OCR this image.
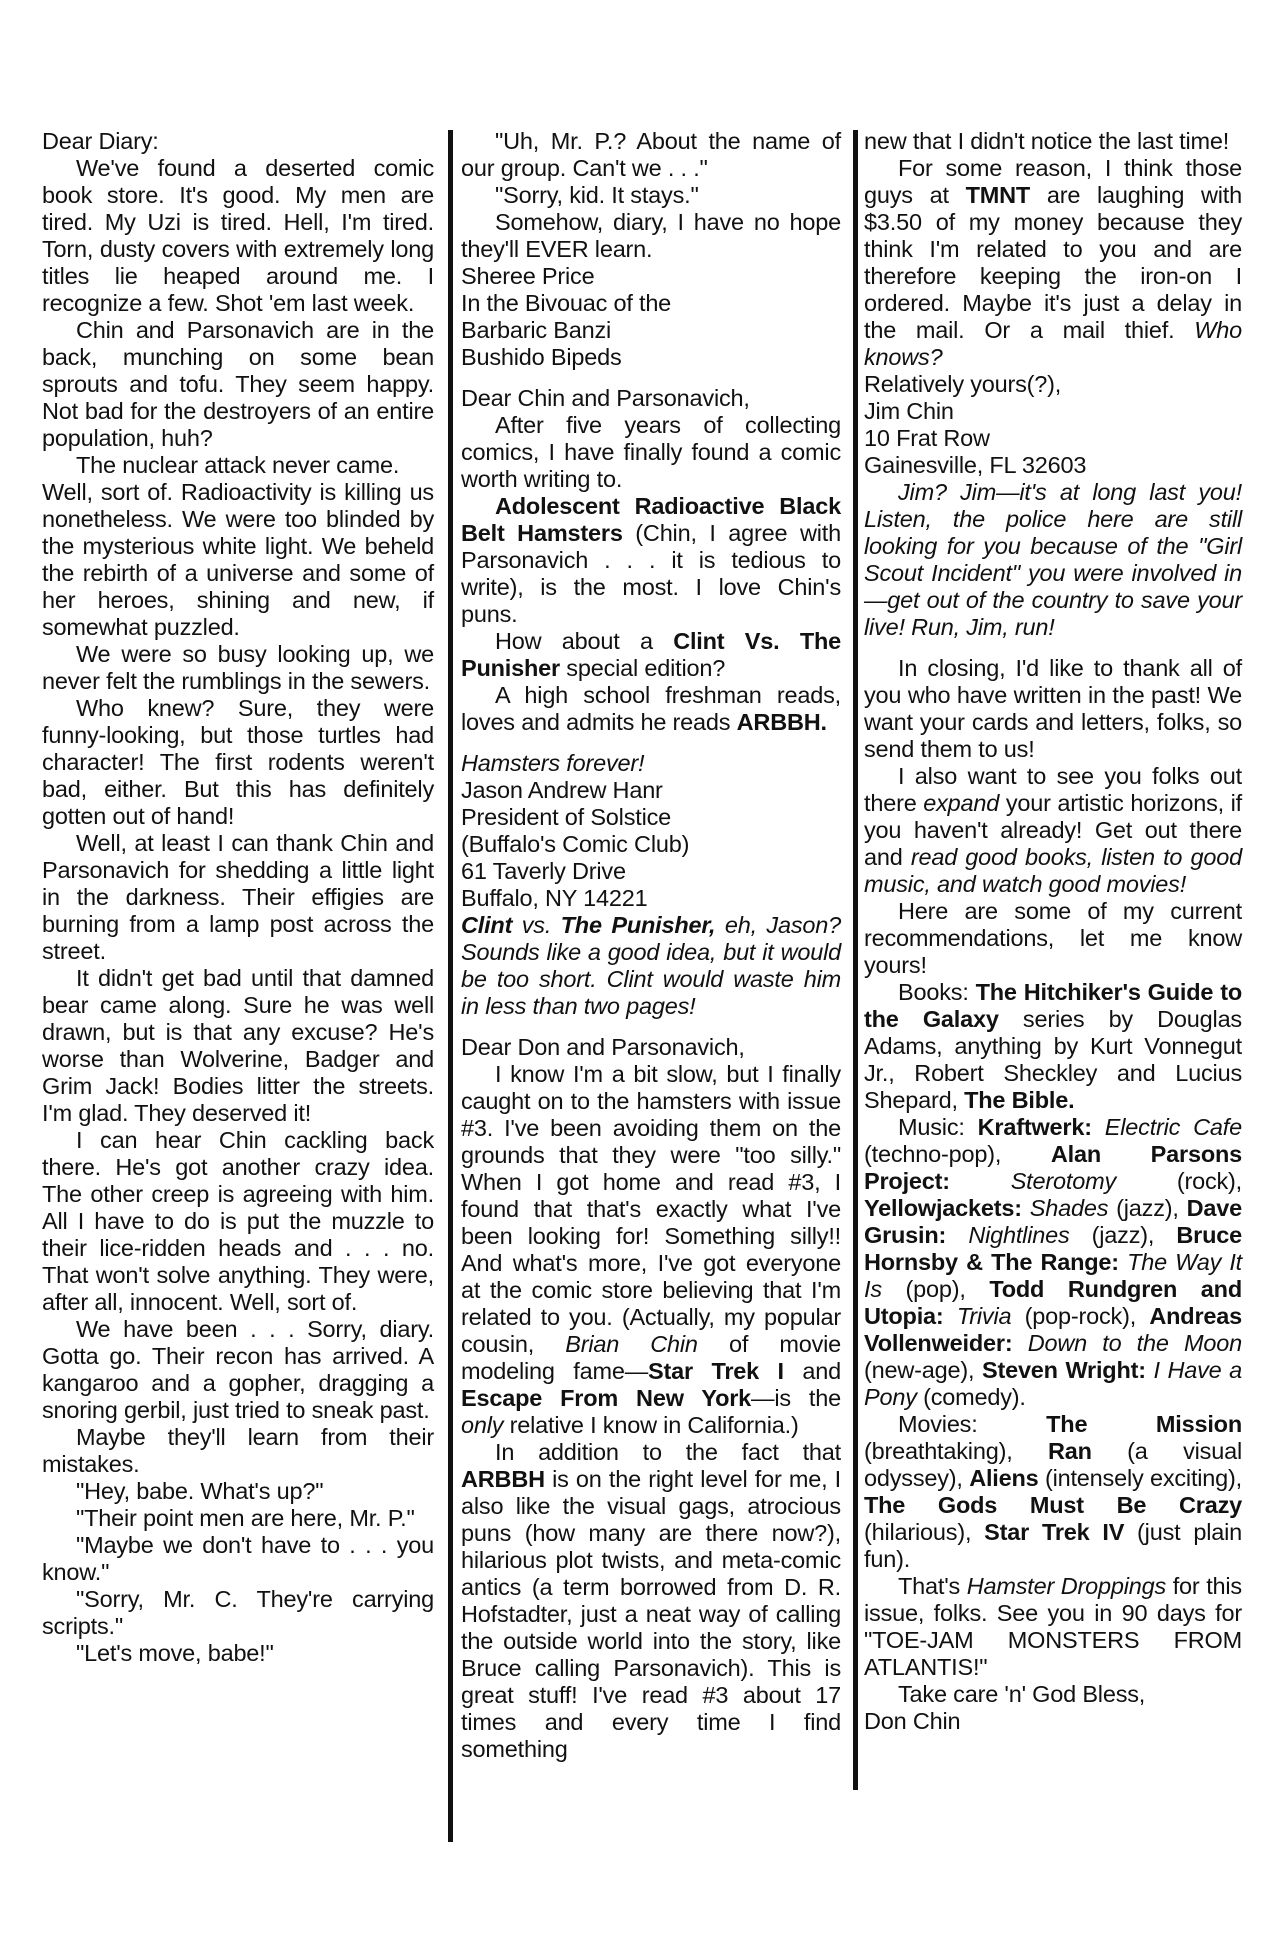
Dear Diary:

We've found a deserted comic book store. It's good. My men are tired. My Uzi is tired. Hell, I'm tired. Torn, dusty covers with extremely long titles lie heaped around me. I recognize a few. Shot 'em last week.

Chin and Parsonavich are in the back, munching on some bean sprouts and tofu. They seem happy. Not bad for the destroyers of an entire population, huh?

The nuclear attack never came.

Well, sort of. Radioactivity is killing us nonetheless. We were too blinded by the mysterious white light. We beheld the rebirth of a universe and some of her heroes, shining and new, if somewhat puzzled.

We were so busy looking up, we never felt the rumblings in the sewers.

Who knew? Sure, they were funny-looking, but those turtles had character! The first rodents weren't bad, either. But this has definitely gotten out of hand!

Well, at least I can thank Chin and Parsonavich for shedding a little light in the darkness. Their effigies are burning from a lamp post across the street.

It didn't get bad until that damned bear came along. Sure he was well drawn, but is that any excuse? He's worse than Wolverine, Badger and Grim Jack! Bodies litter the streets. I'm glad. They deserved it!

I can hear Chin cackling back there. He's got another crazy idea. The other creep is agreeing with him. All I have to do is put the muzzle to their lice-ridden heads and . . . no. That won't solve anything. They were, after all, innocent. Well, sort of.

We have been . . . Sorry, diary. Gotta go. Their recon has arrived. A kangaroo and a gopher, dragging a snoring gerbil, just tried to sneak past.

Maybe they'll learn from their mistakes.

"Hey, babe. What's up?"

"Their point men are here, Mr. P."

"Maybe we don't have to . . . you know."

"Sorry, Mr. C. They're carrying scripts."

"Let's move, babe!"

"Uh, Mr. P.? About the name of our group. Can't we . . ."

"Sorry, kid. It stays."

Somehow, diary, I have no hope they'll EVER learn.

Sheree Price

In the Bivouac of the

Barbaric Banzi

Bushido Bipeds

Dear Chin and Parsonavich,

After five years of collecting comics, I have finally found a comic worth writing to.

Adolescent Radioactive Black Belt Hamsters (Chin, I agree with Parsonavich . . . it is tedious to write), is the most. I love Chin's puns.

How about a Clint Vs. The Punisher special edition?

A high school freshman reads, loves and admits he reads ARBBH.

Hamsters forever!

Jason Andrew Hanr

President of Solstice

(Buffalo's Comic Club)

61 Taverly Drive

Buffalo, NY 14221

Clint vs. The Punisher, eh, Jason? Sounds like a good idea, but it would be too short. Clint would waste him in less than two pages!

Dear Don and Parsonavich,

I know I'm a bit slow, but I finally caught on to the hamsters with issue #3. I've been avoiding them on the grounds that they were "too silly." When I got home and read #3, I found that that's exactly what I've been looking for! Something silly!! And what's more, I've got everyone at the comic store believing that I'm related to you. (Actually, my popular cousin, Brian Chin of movie modeling fame—Star Trek I and Escape From New York—is the only relative I know in California.)

In addition to the fact that ARBBH is on the right level for me, I also like the visual gags, atrocious puns (how many are there now?), hilarious plot twists, and meta-comic antics (a term borrowed from D. R. Hofstadter, just a neat way of calling the outside world into the story, like Bruce calling Parsonavich). This is great stuff! I've read #3 about 17 times and every time I find something

new that I didn't notice the last time!

For some reason, I think those guys at TMNT are laughing with $3.50 of my money because they think I'm related to you and are therefore keeping the iron-on I ordered. Maybe it's just a delay in the mail. Or a mail thief. Who knows?

Relatively yours(?),

Jim Chin

10 Frat Row

Gainesville, FL 32603

Jim? Jim—it's at long last you! Listen, the police here are still looking for you because of the "Girl Scout Incident" you were involved in—get out of the country to save your live! Run, Jim, run!

In closing, I'd like to thank all of you who have written in the past! We want your cards and letters, folks, so send them to us!

I also want to see you folks out there expand your artistic horizons, if you haven't already! Get out there and read good books, listen to good music, and watch good movies!

Here are some of my current recommendations, let me know yours!

Books: The Hitchiker's Guide to the Galaxy series by Douglas Adams, anything by Kurt Vonnegut Jr., Robert Sheckley and Lucius Shepard, The Bible.

Music: Kraftwerk: Electric Cafe (techno-pop), Alan Parsons Project: Sterotomy (rock), Yellowjackets: Shades (jazz), Dave Grusin: Nightlines (jazz), Bruce Hornsby & The Range: The Way It Is (pop), Todd Rundgren and Utopia: Trivia (pop-rock), Andreas Vollenweider: Down to the Moon (new-age), Steven Wright: I Have a Pony (comedy).

Movies: The Mission (breathtaking), Ran (a visual odyssey), Aliens (intensely exciting), The Gods Must Be Crazy (hilarious), Star Trek IV (just plain fun).

That's Hamster Droppings for this issue, folks. See you in 90 days for "TOE-JAM MONSTERS FROM ATLANTIS!"

Take care 'n' God Bless,

Don Chin
